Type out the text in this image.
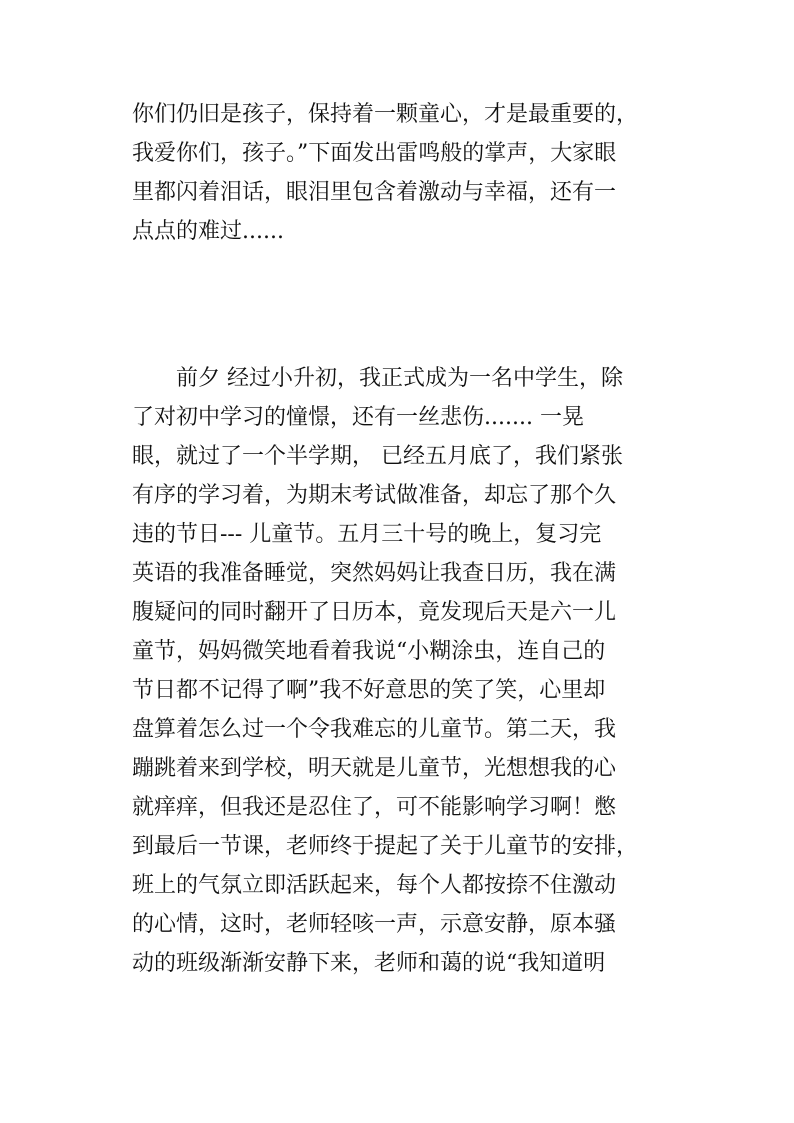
你们仍旧是孩子，保持着一颗童心，才是最重要的，
我爱你们，孩子。”下面发出雷鸣般的掌声，大家眼
里都闪着泪话，眼泪里包含着激动与幸福，还有一
点点的难过......
　　前夕 经过小升初，我正式成为一名中学生，除
了对初中学习的憧憬，还有一丝悲伤....... 一晃
眼，就过了一个半学期， 已经五月底了，我们紧张
有序的学习着，为期末考试做准备，却忘了那个久
违的节日--- 儿童节。五月三十号的晚上，复习完
英语的我准备睡觉，突然妈妈让我查日历，我在满
腹疑问的同时翻开了日历本，竟发现后天是六一儿
童节，妈妈微笑地看着我说“小糊涂虫，连自己的
节日都不记得了啊”我不好意思的笑了笑，心里却
盘算着怎么过一个令我难忘的儿童节。第二天，我
蹦跳着来到学校，明天就是儿童节，光想想我的心
就痒痒，但我还是忍住了，可不能影响学习啊！憋
到最后一节课，老师终于提起了关于儿童节的安排，
班上的气氛立即活跃起来，每个人都按捺不住激动
的心情，这时，老师轻咳一声，示意安静，原本骚
动的班级渐渐安静下来，老师和蔼的说“我知道明
